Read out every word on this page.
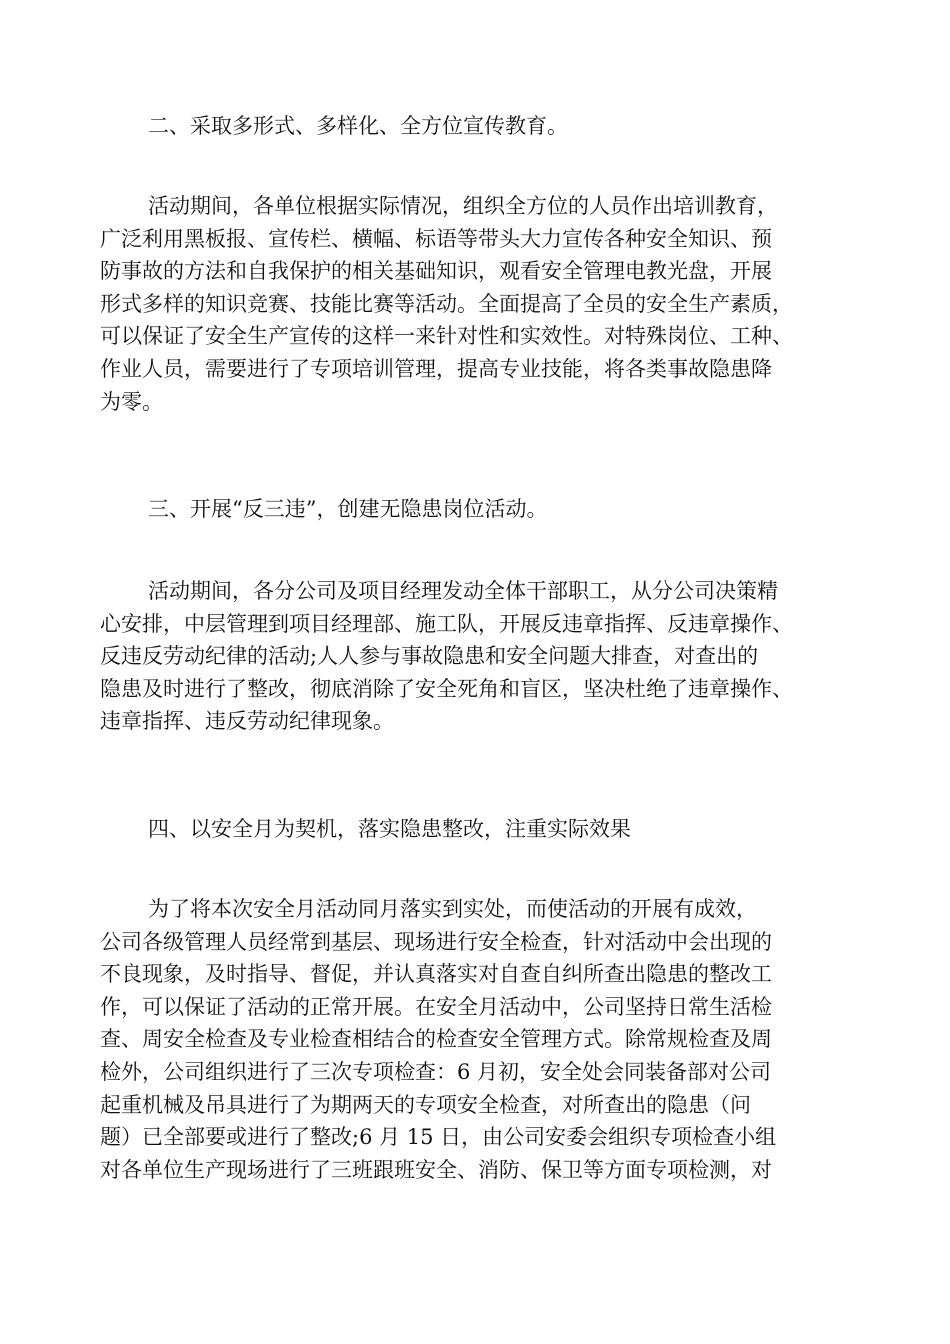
二、采取多形式、多样化、全方位宣传教育。

活动期间，各单位根据实际情况，组织全方位的人员作出培训教育，

广泛利用黑板报、宣传栏、横幅、标语等带头大力宣传各种安全知识、预

防事故的方法和自我保护的相关基础知识，观看安全管理电教光盘，开展

形式多样的知识竞赛、技能比赛等活动。全面提高了全员的安全生产素质，

可以保证了安全生产宣传的这样一来针对性和实效性。对特殊岗位、工种、

作业人员，需要进行了专项培训管理，提高专业技能，将各类事故隐患降

为零。

三、开展“反三违”，创建无隐患岗位活动。

活动期间，各分公司及项目经理发动全体干部职工，从分公司决策精

心安排，中层管理到项目经理部、施工队，开展反违章指挥、反违章操作、

反违反劳动纪律的活动;人人参与事故隐患和安全问题大排查，对查出的

隐患及时进行了整改，彻底消除了安全死角和盲区，坚决杜绝了违章操作、

违章指挥、违反劳动纪律现象。

四、以安全月为契机，落实隐患整改，注重实际效果

为了将本次安全月活动同月落实到实处，而使活动的开展有成效，

公司各级管理人员经常到基层、现场进行安全检查，针对活动中会出现的

不良现象，及时指导、督促，并认真落实对自查自纠所查出隐患的整改工

作，可以保证了活动的正常开展。在安全月活动中，公司坚持日常生活检

查、周安全检查及专业检查相结合的检查安全管理方式。除常规检查及周

检外，公司组织进行了三次专项检查：6 月初，安全处会同装备部对公司

起重机械及吊具进行了为期两天的专项安全检查，对所查出的隐患（问

题）已全部要或进行了整改;6 月 15 日，由公司安委会组织专项检查小组

对各单位生产现场进行了三班跟班安全、消防、保卫等方面专项检测，对
